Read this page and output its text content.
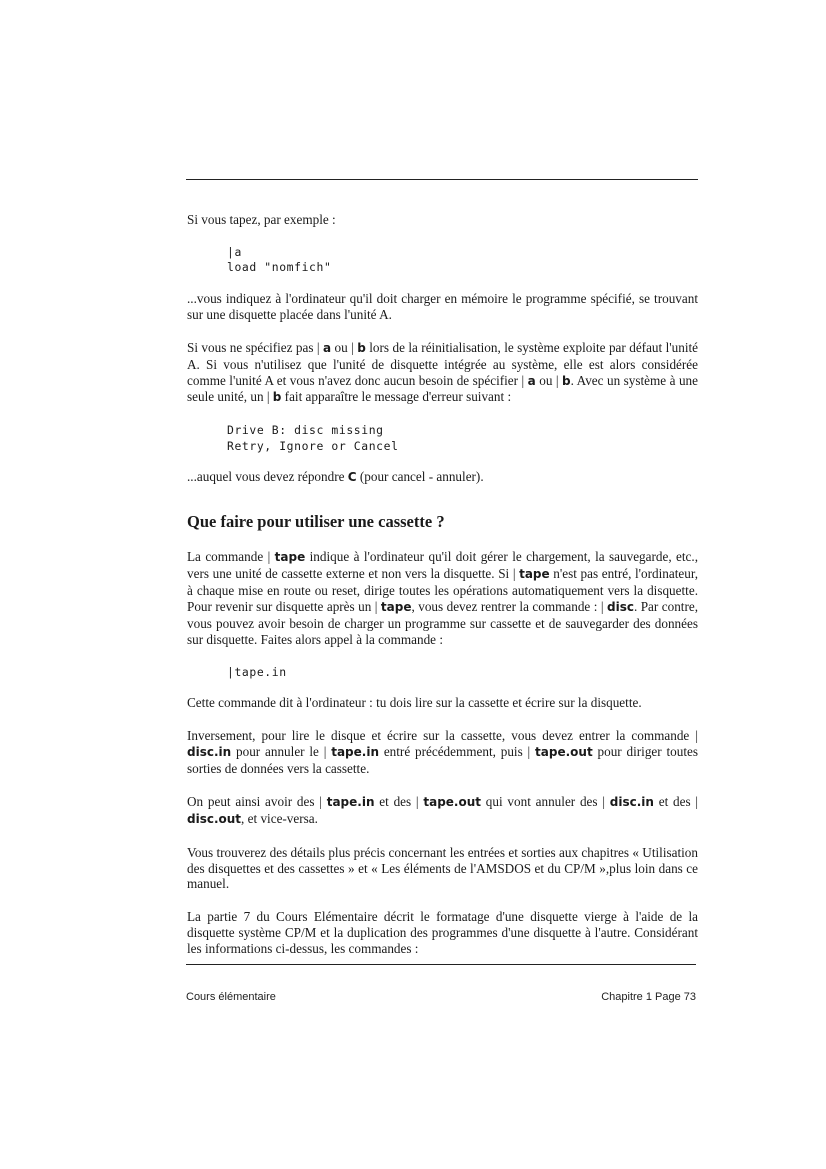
Si vous tapez, par exemple :

|a
load "nomfich"

...vous indiquez à l'ordinateur qu'il doit charger en mémoire le programme spécifié, se trouvant sur une disquette placée dans l'unité A.

Si vous ne spécifiez pas | a ou | b lors de la réinitialisation, le système exploite par défaut l'unité A. Si vous n'utilisez que l'unité de disquette intégrée au système, elle est alors considérée comme l'unité A et vous n'avez donc aucun besoin de spécifier | a ou | b. Avec un système à une seule unité, un | b fait apparaître le message d'erreur suivant :

Drive B: disc missing
Retry, Ignore or Cancel

...auquel vous devez répondre C (pour cancel - annuler).

Que faire pour utiliser une cassette ?

La commande | tape indique à l'ordinateur qu'il doit gérer le chargement, la sauvegarde, etc., vers une unité de cassette externe et non vers la disquette. Si | tape n'est pas entré, l'ordinateur, à chaque mise en route ou reset, dirige toutes les opérations automatiquement vers la disquette. Pour revenir sur disquette après un | tape, vous devez rentrer la commande : | disc. Par contre, vous pouvez avoir besoin de charger un programme sur cassette et de sauvegarder des données sur disquette. Faites alors appel à la commande :

|tape.in

Cette commande dit à l'ordinateur : tu dois lire sur la cassette et écrire sur la disquette.

Inversement, pour lire le disque et écrire sur la cassette, vous devez entrer la commande | disc.in pour annuler le | tape.in entré précédemment, puis | tape.out pour diriger toutes sorties de données vers la cassette.

On peut ainsi avoir des | tape.in et des | tape.out qui vont annuler des | disc.in et des | disc.out, et vice-versa.

Vous trouverez des détails plus précis concernant les entrées et sorties aux chapitres « Utilisation des disquettes et des cassettes » et « Les éléments de l'AMSDOS et du CP/M »,plus loin dans ce manuel.

La partie 7 du Cours Elémentaire décrit le formatage d'une disquette vierge à l'aide de la disquette système CP/M et la duplication des programmes d'une disquette à l'autre. Considérant les informations ci-dessus, les commandes :

Cours élémentaire	Chapitre 1 Page 73
